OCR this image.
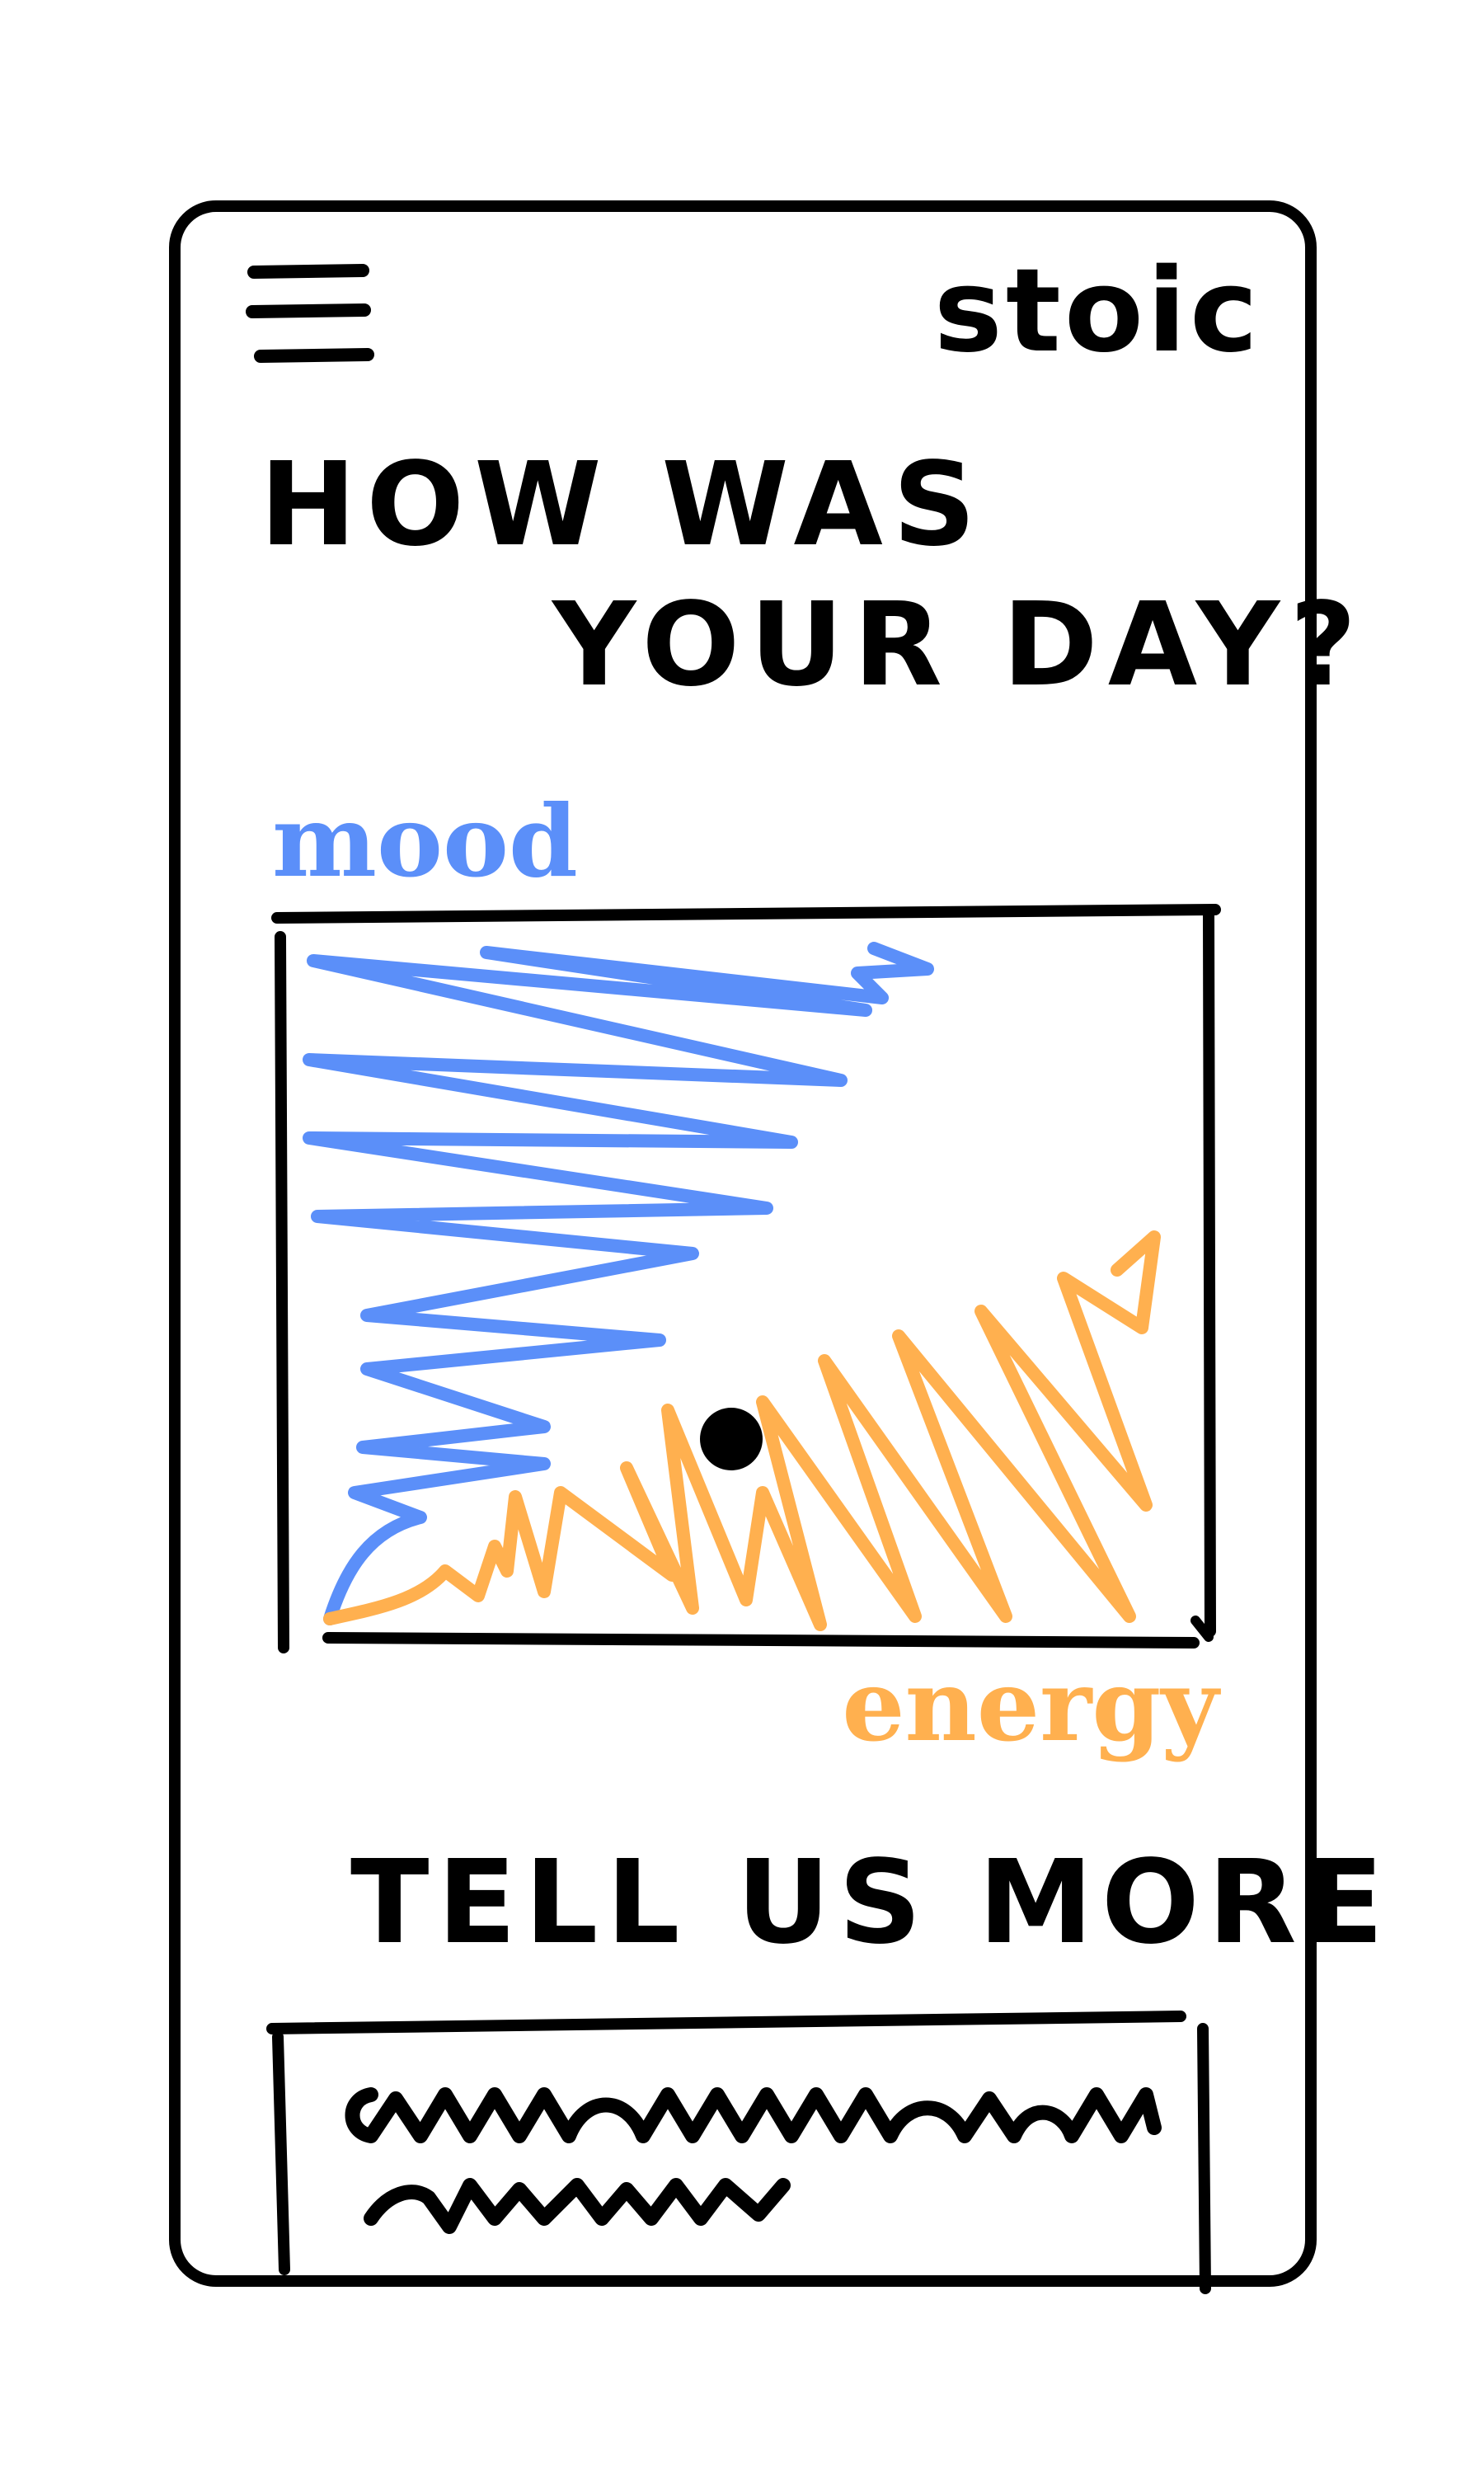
stoic
HOW WAS
YOUR DAY?
mood
energy
TELL US MORE
